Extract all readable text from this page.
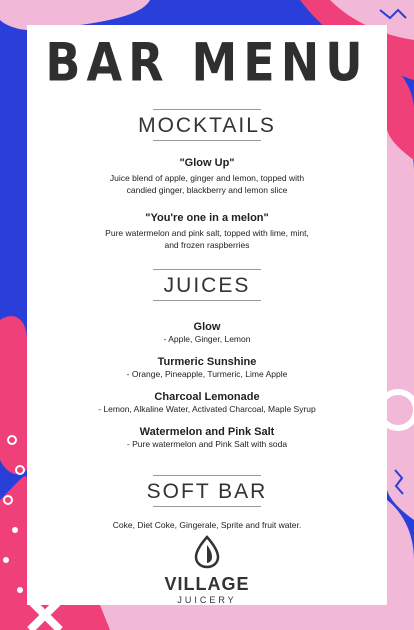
BAR MENU
MOCKTAILS
"Glow Up"
Juice blend of apple, ginger and lemon, topped with
candied ginger, blackberry and lemon slice
"You're one in a melon"
Pure watermelon and pink salt, topped with lime, mint,
and frozen raspberries
JUICES
Glow
- Apple, Ginger, Lemon
Turmeric Sunshine
- Orange, Pineapple, Turmeric, Lime Apple
Charcoal Lemonade
- Lemon, Alkaline Water, Activated Charcoal, Maple Syrup
Watermelon and Pink Salt
- Pure watermelon and Pink Salt with soda
SOFT BAR
Coke, Diet Coke, Gingerale, Sprite and fruit water.
VILLAGE
JUICERY
